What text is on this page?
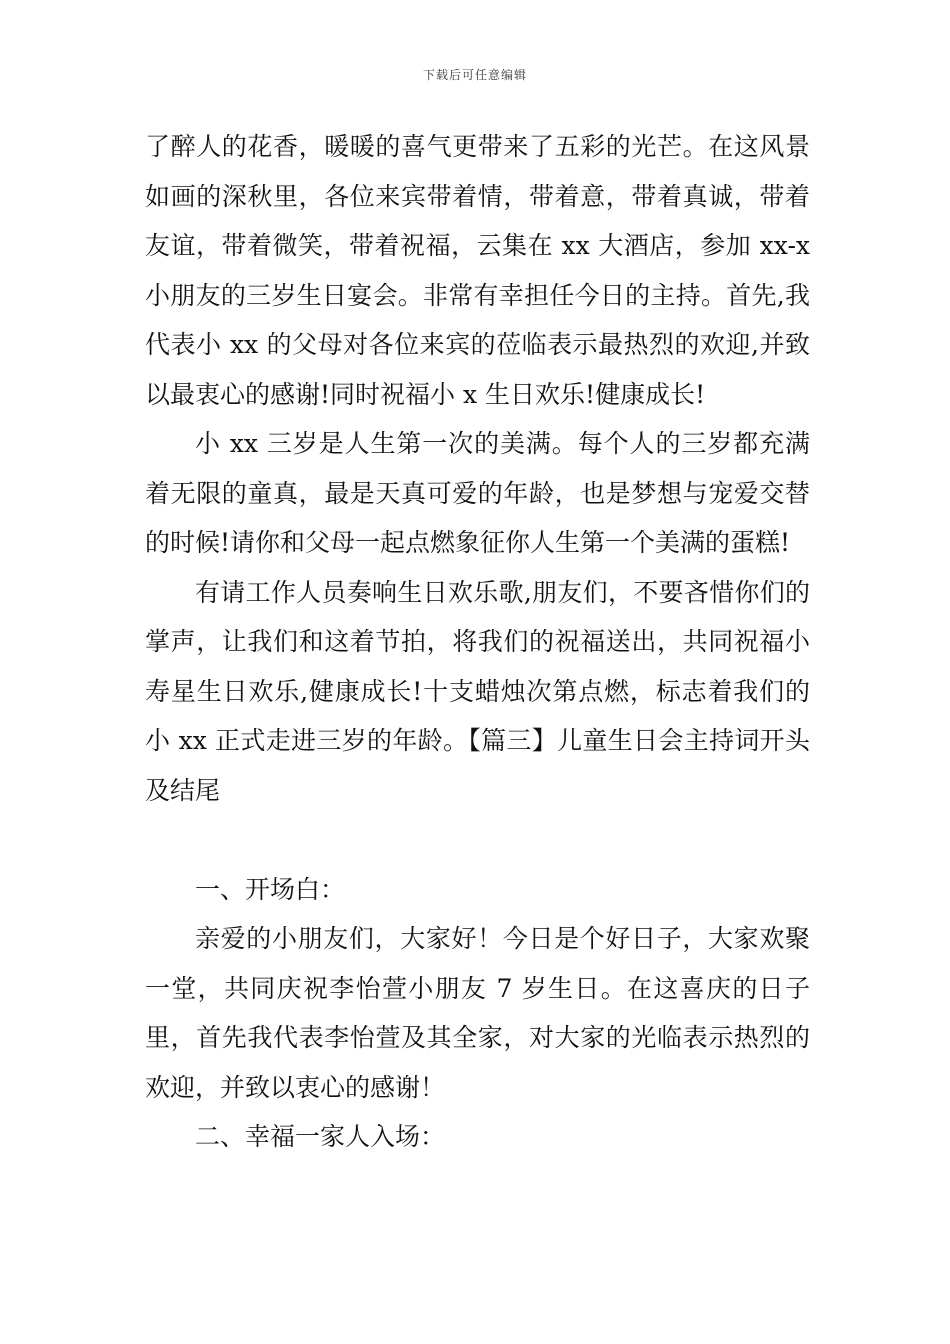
下载后可任意编辑

了醉人的花香，暖暖的喜气更带来了五彩的光芒。在这风景如画的深秋里，各位来宾带着情，带着意，带着真诚，带着友谊，带着微笑，带着祝福，云集在 xx 大酒店，参加 xx-x 小朋友的三岁生日宴会。非常有幸担任今日的主持。首先,我代表小 xx 的父母对各位来宾的莅临表示最热烈的欢迎,并致以最衷心的感谢!同时祝福小 x 生日欢乐!健康成长!

小 xx 三岁是人生第一次的美满。每个人的三岁都充满着无限的童真，最是天真可爱的年龄，也是梦想与宠爱交替的时候!请你和父母一起点燃象征你人生第一个美满的蛋糕!

有请工作人员奏响生日欢乐歌,朋友们，不要吝惜你们的掌声，让我们和这着节拍，将我们的祝福送出，共同祝福小寿星生日欢乐,健康成长!十支蜡烛次第点燃，标志着我们的小 xx 正式走进三岁的年龄。【篇三】儿童生日会主持词开头及结尾

一、开场白：

亲爱的小朋友们，大家好！今日是个好日子，大家欢聚一堂，共同庆祝李怡萱小朋友 7 岁生日。在这喜庆的日子里，首先我代表李怡萱及其全家，对大家的光临表示热烈的欢迎，并致以衷心的感谢！

二、幸福一家人入场：
